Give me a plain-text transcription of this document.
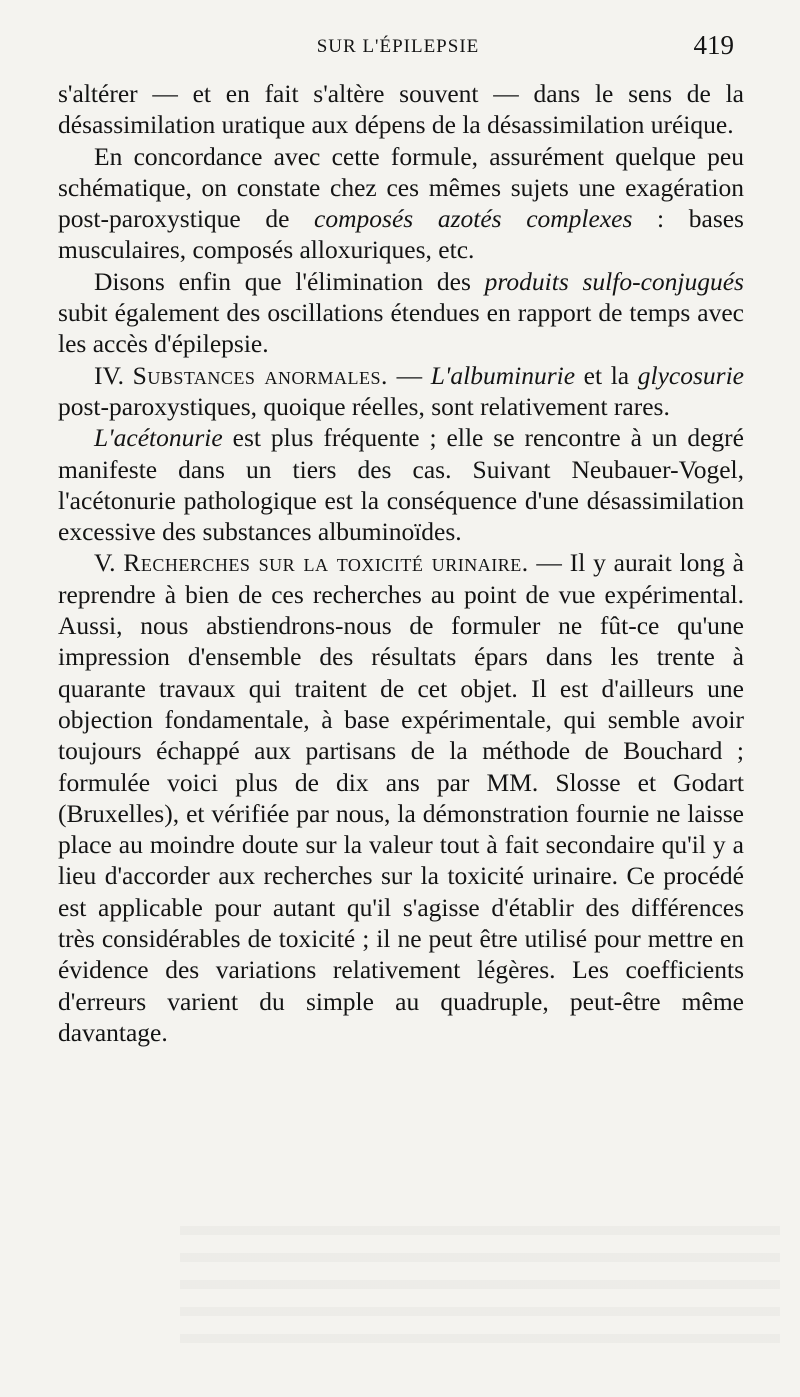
SUR L'ÉPILEPSIE	419

s'altérer — et en fait s'altère souvent — dans le sens de la désassimilation uratique aux dépens de la désassimilation uréique.

En concordance avec cette formule, assurément quelque peu schématique, on constate chez ces mêmes sujets une exagération post-paroxystique de composés azotés complexes : bases musculaires, composés alloxuriques, etc.

Disons enfin que l'élimination des produits sulfo-conjugués subit également des oscillations étendues en rapport de temps avec les accès d'épilepsie.

IV. Substances anormales. — L'albuminurie et la glycosurie post-paroxystiques, quoique réelles, sont relativement rares.

L'acétonurie est plus fréquente ; elle se rencontre à un degré manifeste dans un tiers des cas. Suivant Neubauer-Vogel, l'acétonurie pathologique est la conséquence d'une désassimilation excessive des substances albuminoïdes.

V. Recherches sur la toxicité urinaire. — Il y aurait long à reprendre à bien de ces recherches au point de vue expérimental. Aussi, nous abstiendrons-nous de formuler ne fût-ce qu'une impression d'ensemble des résultats épars dans les trente à quarante travaux qui traitent de cet objet. Il est d'ailleurs une objection fondamentale, à base expérimentale, qui semble avoir toujours échappé aux partisans de la méthode de Bouchard ; formulée voici plus de dix ans par MM. Slosse et Godart (Bruxelles), et vérifiée par nous, la démonstration fournie ne laisse place au moindre doute sur la valeur tout à fait secondaire qu'il y a lieu d'accorder aux recherches sur la toxicité urinaire. Ce procédé est applicable pour autant qu'il s'agisse d'établir des différences très considérables de toxicité ; il ne peut être utilisé pour mettre en évidence des variations relativement légères. Les coefficients d'erreurs varient du simple au quadruple, peut-être même davantage.
